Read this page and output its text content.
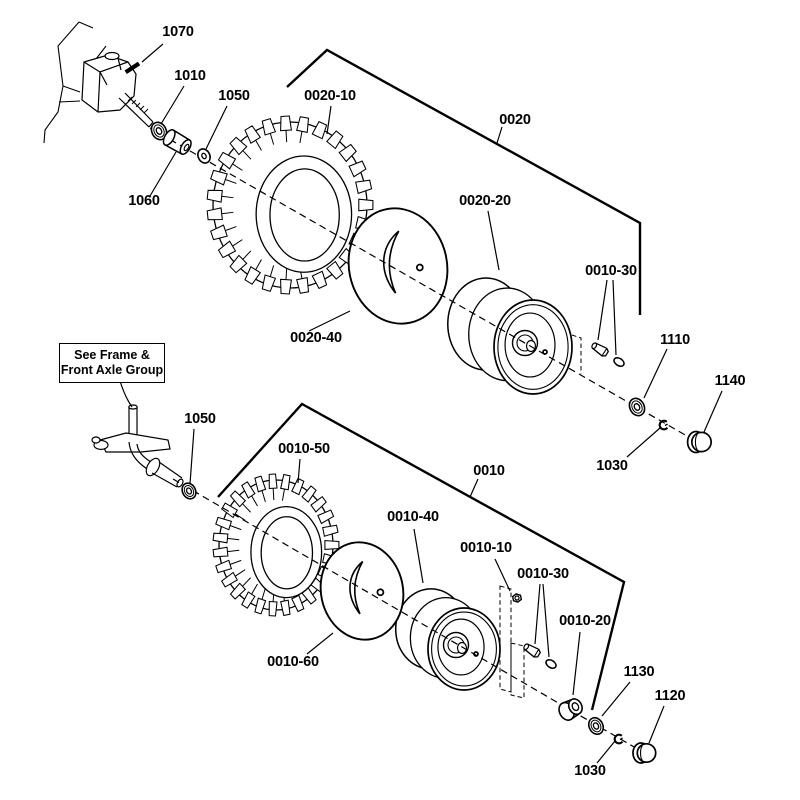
See Frame &
Front Axle Group
1070
1010
1050	0020-10
0020
1060	0020-20
0020-40
0010-30
1110
1140
1030
1050
0010-50
0010
0010-40
0010-10
0010-30
0010-20
1130
1120
1030
0010-60
